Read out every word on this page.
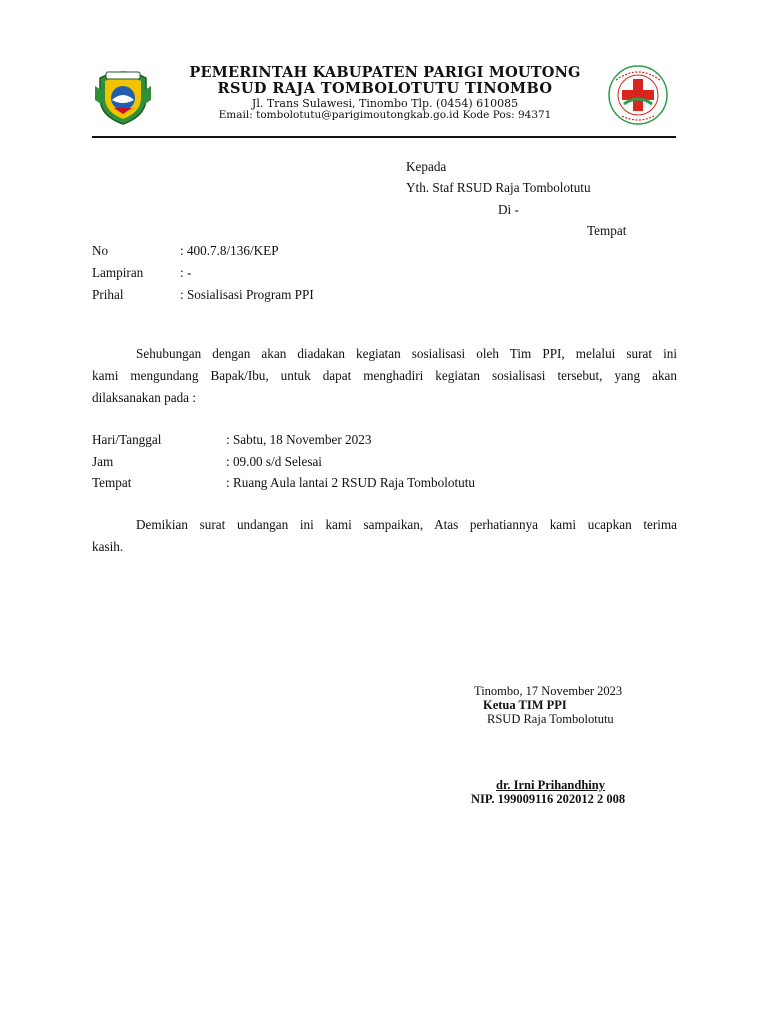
PEMERINTAH KABUPATEN PARIGI MOUTONG
RSUD RAJA TOMBOLOTUTU TINOMBO
Jl. Trans Sulawesi, Tinombo Tlp. (0454) 610085
Email: tombolotutu@parigimoutongkab.go.id Kode Pos: 94371
Kepada
Yth. Staf RSUD Raja Tombolotutu
Di -
Tempat
No	: 400.7.8/136/KEP
Lampiran	: -
Prihal	: Sosialisasi Program PPI
Sehubungan dengan akan diadakan kegiatan sosialisasi oleh Tim PPI, melalui surat ini
kami mengundang Bapak/Ibu, untuk dapat menghadiri kegiatan sosialisasi tersebut, yang akan
dilaksanakan pada :
Hari/Tanggal	: Sabtu, 18 November 2023
Jam	: 09.00 s/d Selesai
Tempat	: Ruang Aula lantai 2 RSUD Raja Tombolotutu
Demikian surat undangan ini kami sampaikan, Atas perhatiannya kami ucapkan terima
kasih.
Tinombo, 17 November 2023
Ketua TIM PPI
RSUD Raja Tombolotutu
dr. Irni Prihandhiny
NIP. 199009116 202012 2 008
